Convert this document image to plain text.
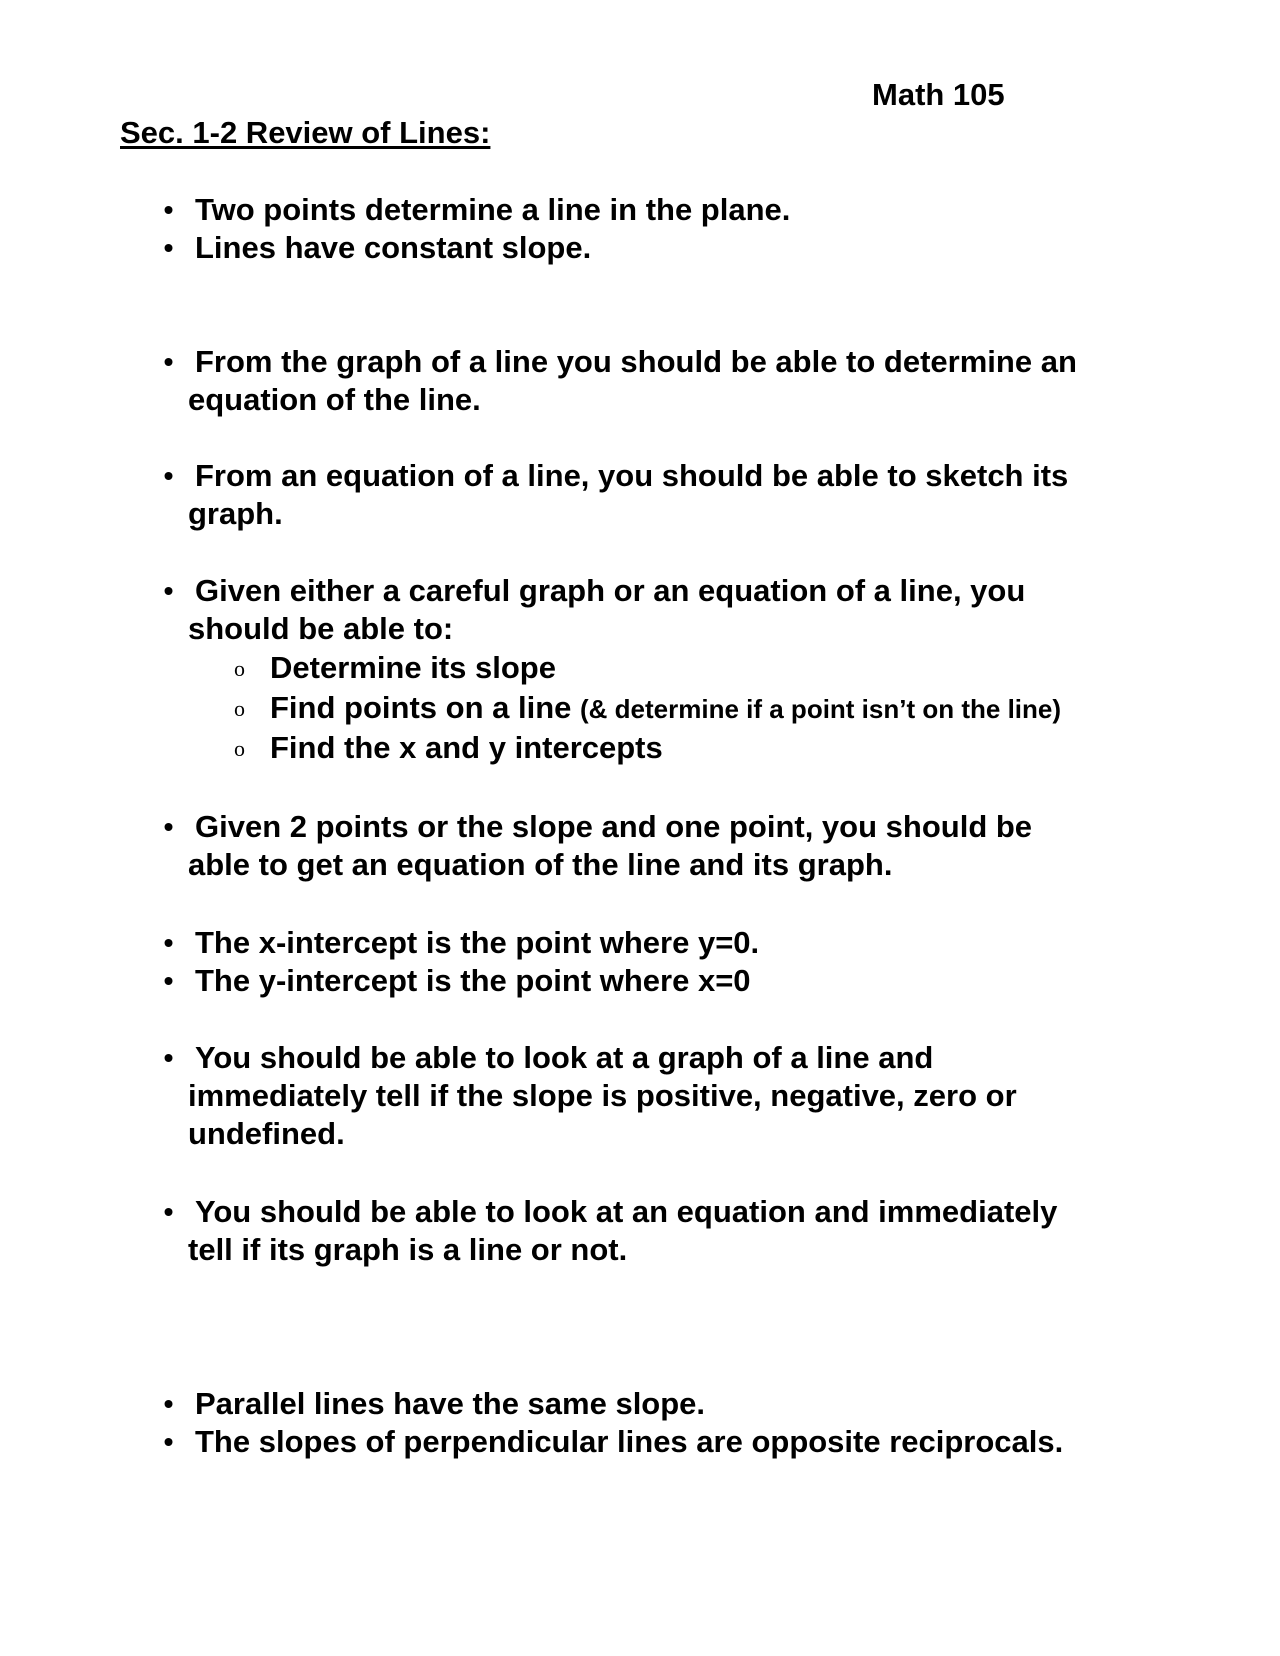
Math 105

Sec. 1-2 Review of Lines:

• Two points determine a line in the plane.
• Lines have constant slope.
• From the graph of a line you should be able to determine an
equation of the line.
• From an equation of a line, you should be able to sketch its
graph.
• Given either a careful graph or an equation of a line, you
should be able to:
o Determine its slope
o Find points on a line (& determine if a point isn’t on the line)
o Find the x and y intercepts
• Given 2 points or the slope and one point, you should be
able to get an equation of the line and its graph.
• The x-intercept is the point where y=0.
• The y-intercept is the point where x=0
• You should be able to look at a graph of a line and
immediately tell if the slope is positive, negative, zero or
undefined.
• You should be able to look at an equation and immediately
tell if its graph is a line or not.
• Parallel lines have the same slope.
• The slopes of perpendicular lines are opposite reciprocals.
